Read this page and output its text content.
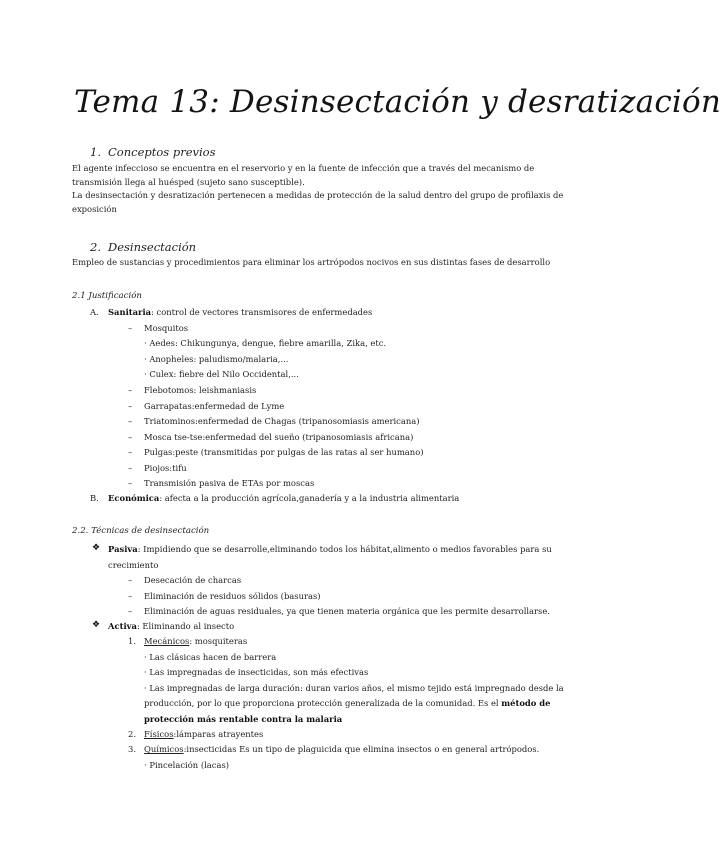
Tema 13: Desinsectación y desratización
1. Conceptos previos
El agente infeccioso se encuentra en el reservorio y en la fuente de infección que a través del mecanismo de
transmisión llega al huésped (sujeto sano susceptible).
La desinsectación y desratización pertenecen a medidas de protección de la salud dentro del grupo de profilaxis de
exposición
2. Desinsectación
Empleo de sustancias y procedimientos para eliminar los artrópodos nocivos en sus distintas fases de desarrollo
2.1 Justificación
A. Sanitaria: control de vectores transmisores de enfermedades
– Mosquitos
· Aedes: Chikungunya, dengue, fiebre amarilla, Zika, etc.
· Anopheles: paludismo/malaria,...
· Culex: fiebre del Nilo Occidental,...
– Flebotomos: leishmaniasis
– Garrapatas:enfermedad de Lyme
– Triatominos:enfermedad de Chagas (tripanosomiasis americana)
– Mosca tse-tse:enfermedad del sueño (tripanosomiasis africana)
– Pulgas:peste (transmitidas por pulgas de las ratas al ser humano)
– Piojos:tifu
– Transmisión pasiva de ETAs por moscas
B. Económica: afecta a la producción agrícola,ganadería y a la industria alimentaria
2.2. Técnicas de desinsectación
❖ Pasiva: Impidiendo que se desarrolle,eliminando todos los hábitat,alimento o medios favorables para su
crecimiento
– Desecación de charcas
– Eliminación de residuos sólidos (basuras)
– Eliminación de aguas residuales, ya que tienen materia orgánica que les permite desarrollarse.
❖ Activa: Eliminando al insecto
1. Mecánicos: mosquiteras
· Las clásicas hacen de barrera
· Las impregnadas de insecticidas, son más efectivas
· Las impregnadas de larga duración: duran varios años, el mismo tejido está impregnado desde la
producción, por lo que proporciona protección generalizada de la comunidad. Es el método de
protección más rentable contra la malaria
2. Físicos:lámparas atrayentes
3. Químicos:insecticidas Es un tipo de plaguicida que elimina insectos o en general artrópodos.
· Pincelación (lacas)
